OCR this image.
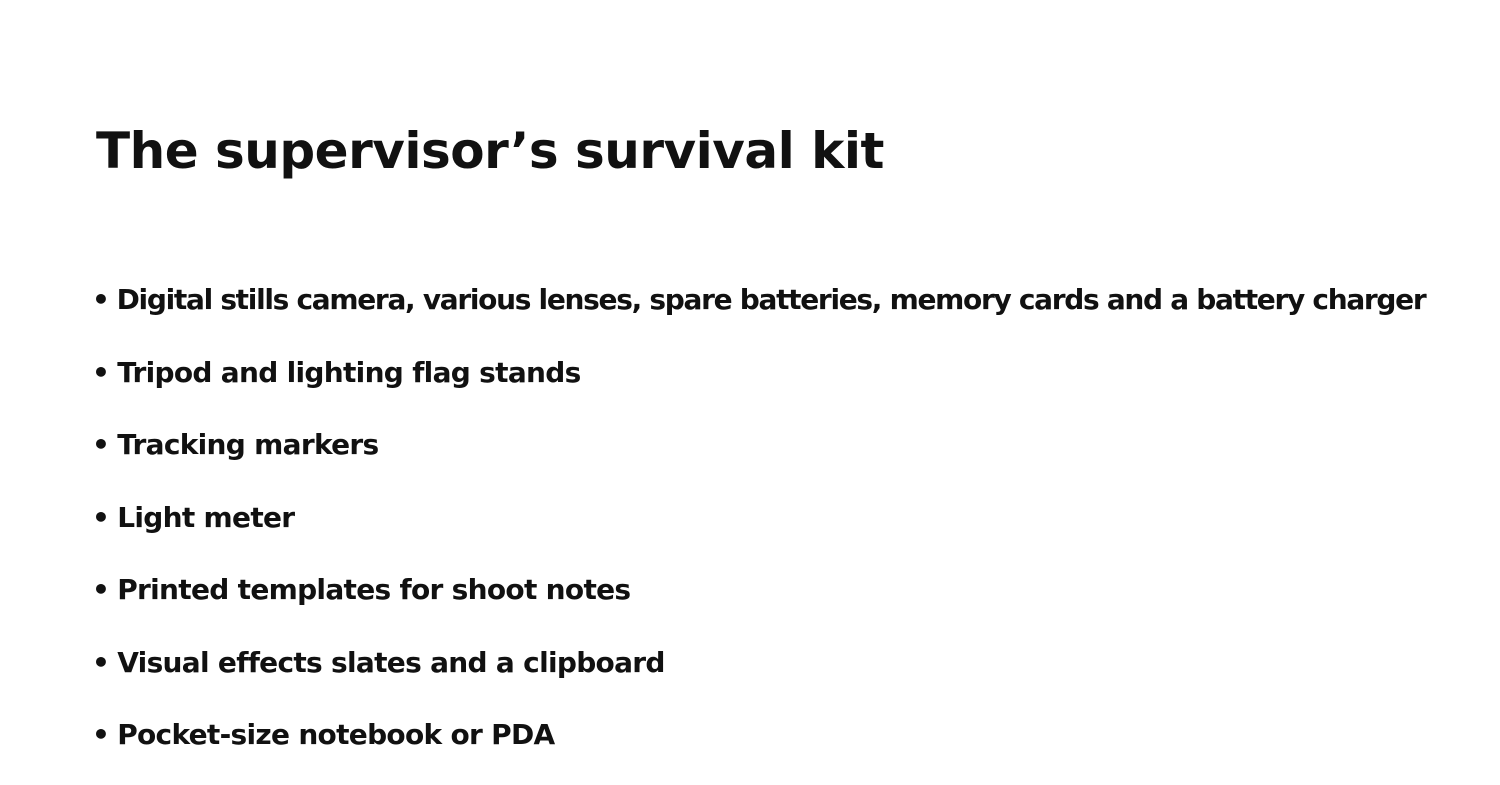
The supervisor’s survival kit
• Digital stills camera, various lenses, spare batteries, memory cards and a battery charger
• Tripod and lighting flag stands
• Tracking markers
• Light meter
• Printed templates for shoot notes
• Visual effects slates and a clipboard
• Pocket-size notebook or PDA
